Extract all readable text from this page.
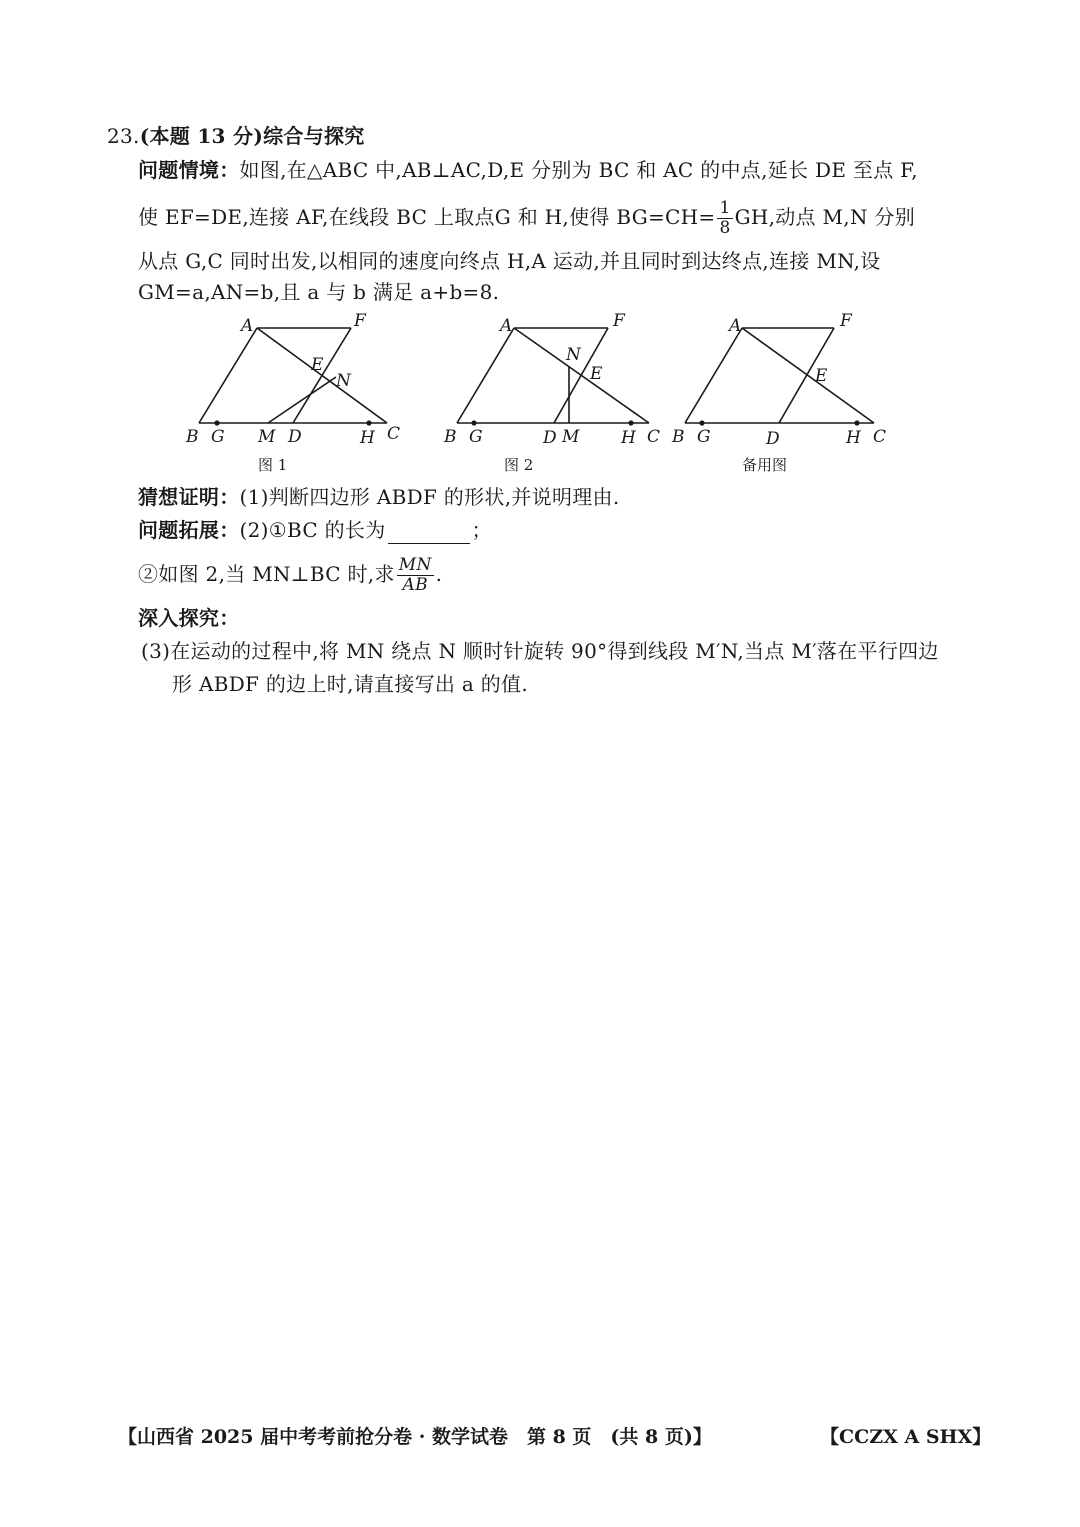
23.(本题 13 分)综合与探究
问题情境：如图,在△ABC 中,AB⊥AC,D,E 分别为 BC 和 AC 的中点,延长 DE 至点 F,
使 EF=DE,连接 AF,在线段 BC 上取点G 和 H,使得 $BG=CH= \frac{1}{8}$ GH,动点 M,N 分别
从点 G,C 同时出发,以相同的速度向终点 H,A 运动,并且同时到达终点,连接 MN,设
GM=a,AN=b,且 a 与 b 满足 a+b=8.
A	F
E
N
B G M D	H C
图 1
A	F
N
E
B G	D M H C
图 2
A	F
E
B G	D	H C
备用图
猜想证明：(1)判断四边形 ABDF 的形状,并说明理由.
问题拓展：(2)①BC 的长为	；
②如图 2,当 MN⊥BC 时,求 $\frac{MN}{AB}$ .
深入探究：
(3)在运动的过程中,将 MN 绕点 N 顺时针旋转 90°得到线段 M′N,当点 M′落在平行四边
形 ABDF 的边上时,请直接写出 a 的值.
【山西省 2025 届中考考前抢分卷 · 数学试卷　第 8 页　(共 8 页)】	【CCZX A SHX】
